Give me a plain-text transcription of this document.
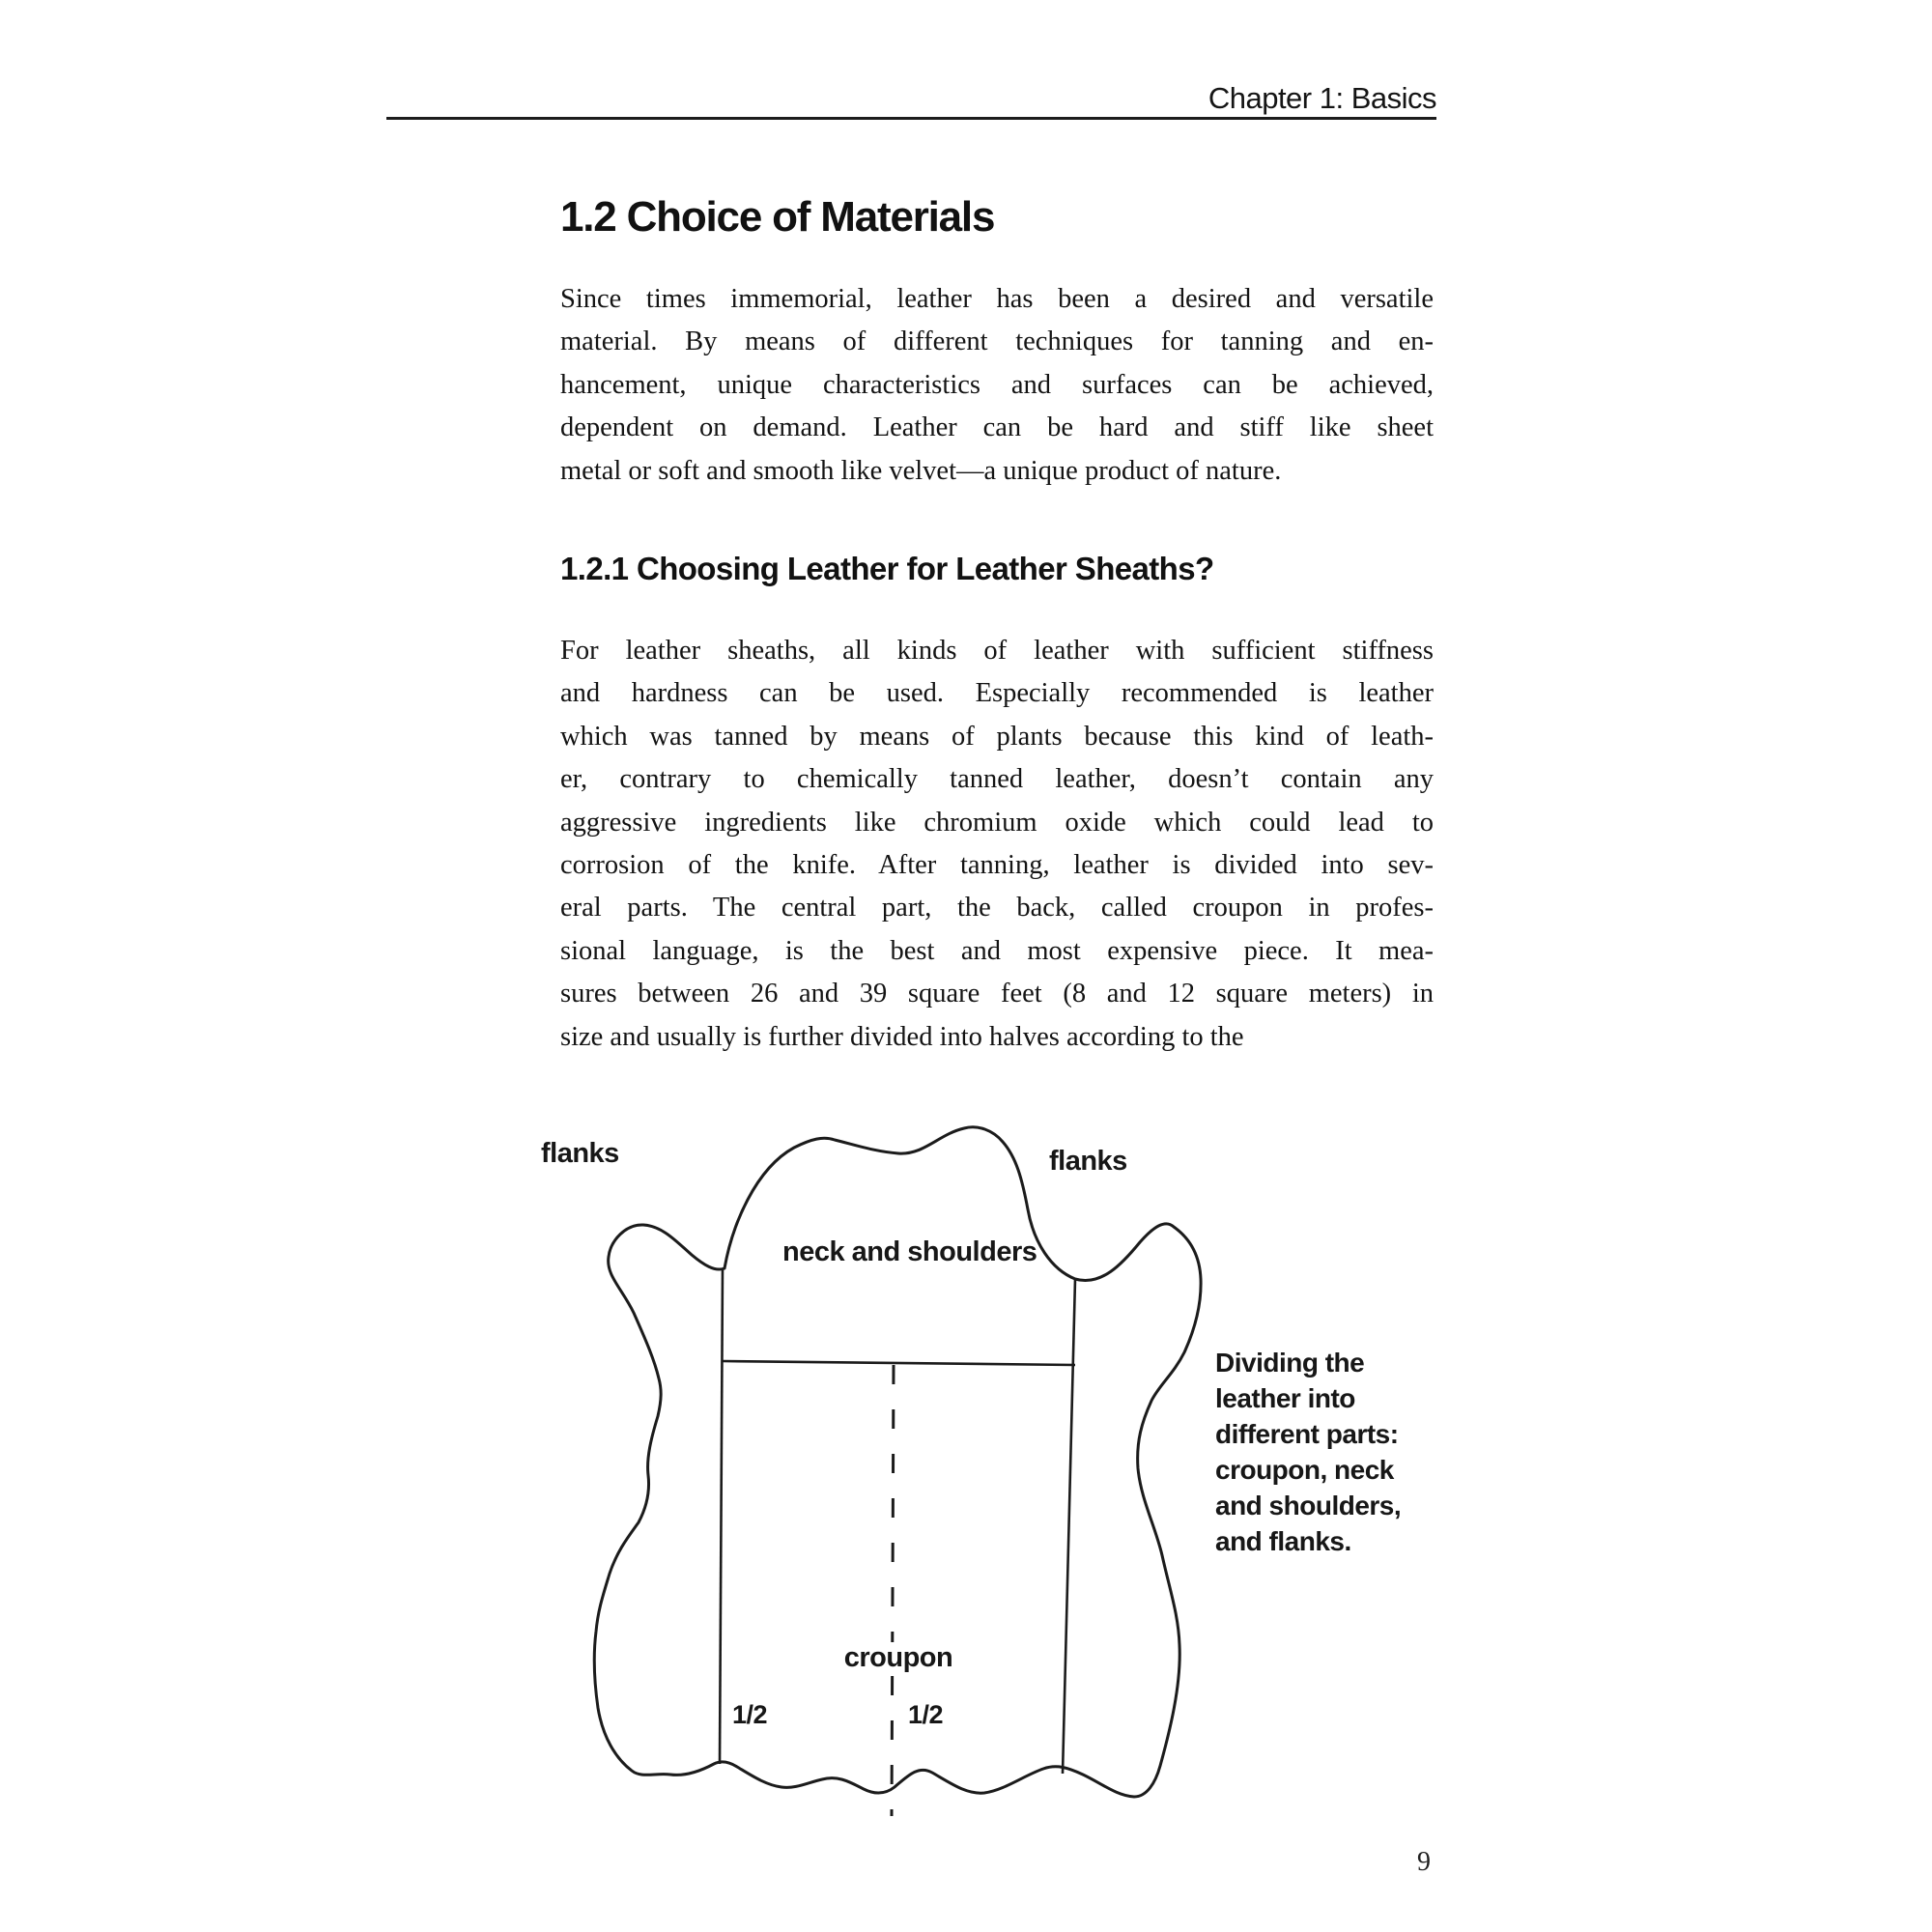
Chapter 1: Basics
1.2 Choice of Materials
Since times immemorial, leather has been a desired and versatile
material. By means of different techniques for tanning and en-
hancement, unique characteristics and surfaces can be achieved,
dependent on demand. Leather can be hard and stiff like sheet
metal or soft and smooth like velvet—a unique product of nature.
1.2.1 Choosing Leather for Leather Sheaths?
For leather sheaths, all kinds of leather with sufficient stiffness
and hardness can be used. Especially recommended is leather
which was tanned by means of plants because this kind of leath-
er, contrary to chemically tanned leather, doesn’t contain any
aggressive ingredients like chromium oxide which could lead to
corrosion of the knife. After tanning, leather is divided into sev-
eral parts. The central part, the back, called croupon in profes-
sional language, is the best and most expensive piece. It mea-
sures between 26 and 39 square feet (8 and 12 square meters) in
size and usually is further divided into halves according to the
flanks	flanks
neck and shoulders
croupon
1/2	1/2
Dividing the
leather into
different parts:
croupon, neck
and shoulders,
and flanks.
9
